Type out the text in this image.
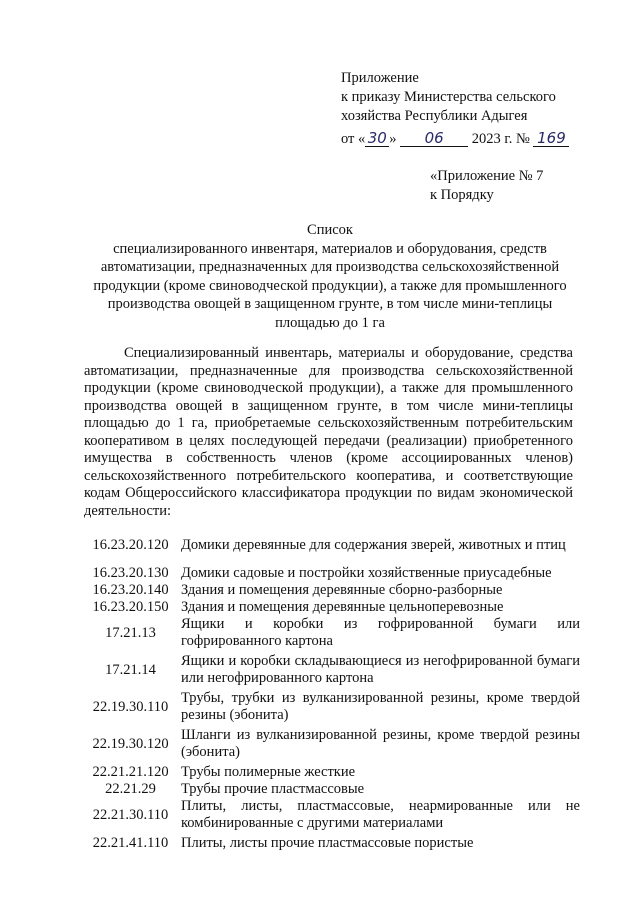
Приложение
к приказу Министерства сельского
хозяйства Республики Адыгея
от « 30 » 06 2023 г. № 169
«Приложение № 7
к Порядку
Список
специализированного инвентаря, материалов и оборудования, средств автоматизации, предназначенных для производства сельскохозяйственной продукции (кроме свиноводческой продукции), а также для промышленного производства овощей в защищенном грунте, в том числе мини-теплицы площадью до 1 га

Специализированный инвентарь, материалы и оборудование, средства автоматизации, предназначенные для производства сельскохозяйственной продукции (кроме свиноводческой продукции), а также для промышленного производства овощей в защищенном грунте, в том числе мини-теплицы площадью до 1 га, приобретаемые сельскохозяйственным потребительским кооперативом в целях последующей передачи (реализации) приобретенного имущества в собственность членов (кроме ассоциированных членов) сельскохозяйственного потребительского кооператива, и соответствующие кодам Общероссийского классификатора продукции по видам экономической деятельности:

16.23.20.120 Домики деревянные для содержания зверей, животных и птиц
16.23.20.130 Домики садовые и постройки хозяйственные приусадебные
16.23.20.140 Здания и помещения деревянные сборно-разборные
16.23.20.150 Здания и помещения деревянные цельноперевозные
17.21.13
Ящики и коробки из гофрированной бумаги или гофрированного картона
17.21.14
Ящики и коробки складывающиеся из негофрированной бумаги или негофрированного картона
22.19.30.110
Трубы, трубки из вулканизированной резины, кроме твердой резины (эбонита)
22.19.30.120
Шланги из вулканизированной резины, кроме твердой резины (эбонита)
22.21.21.120 Трубы полимерные жесткие
22.21.29	Трубы прочие пластмассовые
22.21.30.110
Плиты, листы, пластмассовые, неармированные или не комбинированные с другими материалами
22.21.41.110 Плиты, листы прочие пластмассовые пористые
